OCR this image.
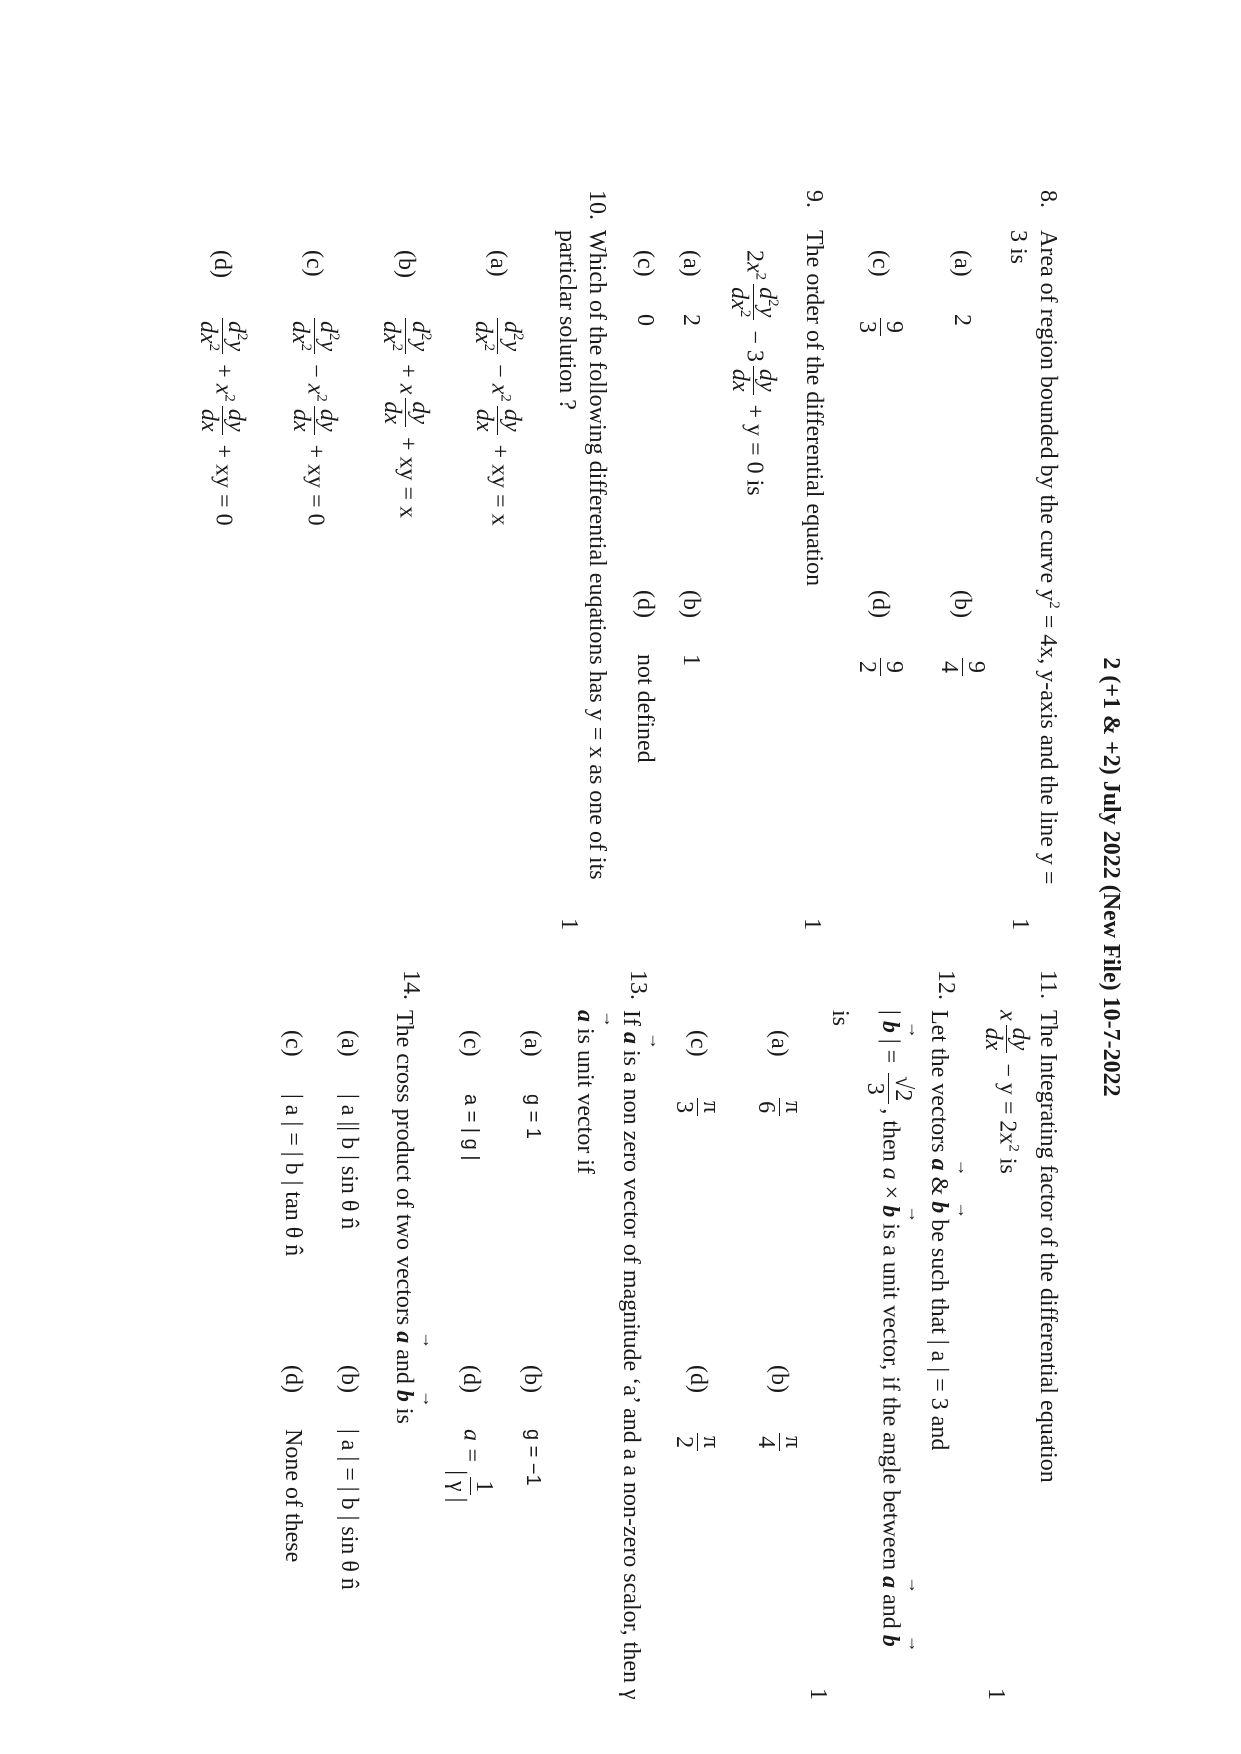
2 (+1 & +2) July 2022 (New File) 10-7-2022
8.
Area of region bounded by the curve $y^2 = 4x$, y-axis and the line y = 3 is
1
(a)
2
(b)
9
4
(c)
9
3
(d)
9
2
9.
The order of the differential equation
1
$2x^2$
$d^2y$
$dx^2$
− 3
dy
dx
+ y = 0 is
(a)
2
(b)
1
(c)
0
(d)
not defined
10.
Which of the following differential euqations has y = x as one of its particlar solution ?
1
(a)
$d^2y$
$dx^2$
− $x^2$
dy
dx
+ xy = x
(b)
$d^2y$
$dx^2$
+ x
dy
dx
+ xy = x
(c)
$d^2y$
$dx^2$
− $x^2$
dy
dx
+ xy = 0
(d)
$d^2y$
$dx^2$
+ $x^2$
dy
dx
+ xy = 0
11.
The Integrating factor of the differential equation
x
dy
dx
− $y = 2x^2$ is
1
12.
Let the vectors → a & → b be such that | a | = 3 and
| → b | =
√2
3
, then a × → b is a unit vector, if the angle between → a and → b is
1
(a)
π
6
(b)
π
4
(c)
π
3
(d)
π
2
13.
If → a is a non zero vector of magnitude ‘a’ and a a non-zero scalor, then γ → a is unit vector if
(a)
g = 1
(b)
g = −1
(c)
a = | g |
(d)
a =
1
| γ |
14.
The cross product of two vectors → a and → b is
(a)
| a || b | sin θ n̂
(b)
| a | = | b | sin θ n̂
(c)
| a | = | b | tan θ n̂
(d)
None of these
